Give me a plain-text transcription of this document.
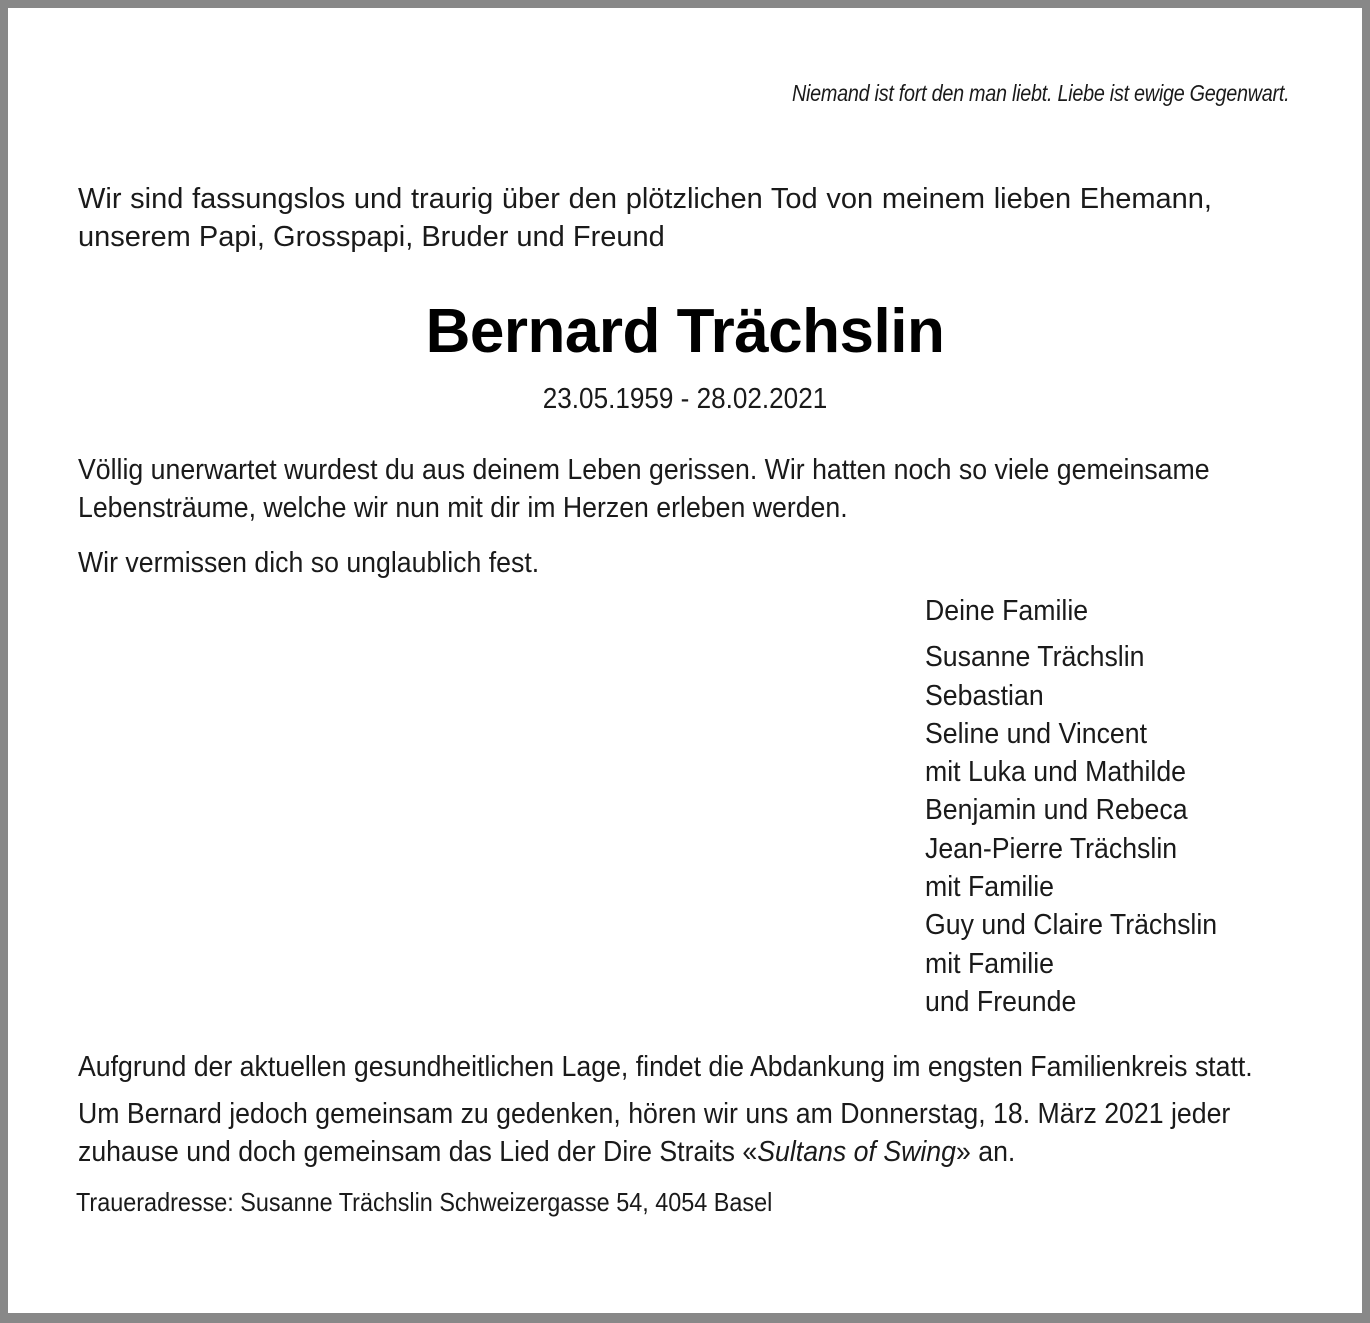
Niemand ist fort den man liebt. Liebe ist ewige Gegenwart.
Wir sind fassungslos und traurig über den plötzlichen Tod von meinem lieben Ehemann,
unserem Papi, Grosspapi, Bruder und Freund
Bernard Trächslin
23.05.1959 - 28.02.2021
Völlig unerwartet wurdest du aus deinem Leben gerissen. Wir hatten noch so viele gemeinsame
Lebensträume, welche wir nun mit dir im Herzen erleben werden.
Wir vermissen dich so unglaublich fest.
Deine Familie
Susanne Trächslin
Sebastian
Seline und Vincent
mit Luka und Mathilde
Benjamin und Rebeca
Jean-Pierre Trächslin
mit Familie
Guy und Claire Trächslin
mit Familie
und Freunde
Aufgrund der aktuellen gesundheitlichen Lage, findet die Abdankung im engsten Familienkreis statt.
Um Bernard jedoch gemeinsam zu gedenken, hören wir uns am Donnerstag, 18. März 2021 jeder
zuhause und doch gemeinsam das Lied der Dire Straits «Sultans of Swing» an.
Traueradresse: Susanne Trächslin Schweizergasse 54, 4054 Basel
